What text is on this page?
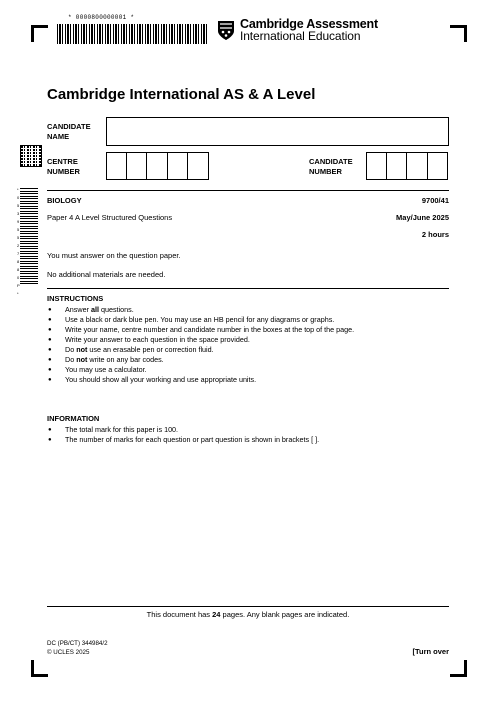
* 0000800000001 *	Cambridge Assessment
International Education
Cambridge International AS & A Level
CANDIDATE
NAME
CENTRE
NUMBER
CANDIDATE
NUMBER
*
0
5
3
9
5
5
2
7
8
8
0
P
*
BIOLOGY	9700/41
Paper 4 A Level Structured Questions	May/June 2025
2 hours
You must answer on the question paper.
No additional materials are needed.
INSTRUCTIONS
● Answer all questions.
● Use a black or dark blue pen. You may use an HB pencil for any diagrams or graphs.
● Write your name, centre number and candidate number in the boxes at the top of the page.
● Write your answer to each question in the space provided.
● Do not use an erasable pen or correction fluid.
● Do not write on any bar codes.
● You may use a calculator.
● You should show all your working and use appropriate units.
INFORMATION
● The total mark for this paper is 100.
● The number of marks for each question or part question is shown in brackets [ ].
This document has 24 pages. Any blank pages are indicated.
DC (PB/CT) 344984/2
© UCLES 2025	[Turn over
